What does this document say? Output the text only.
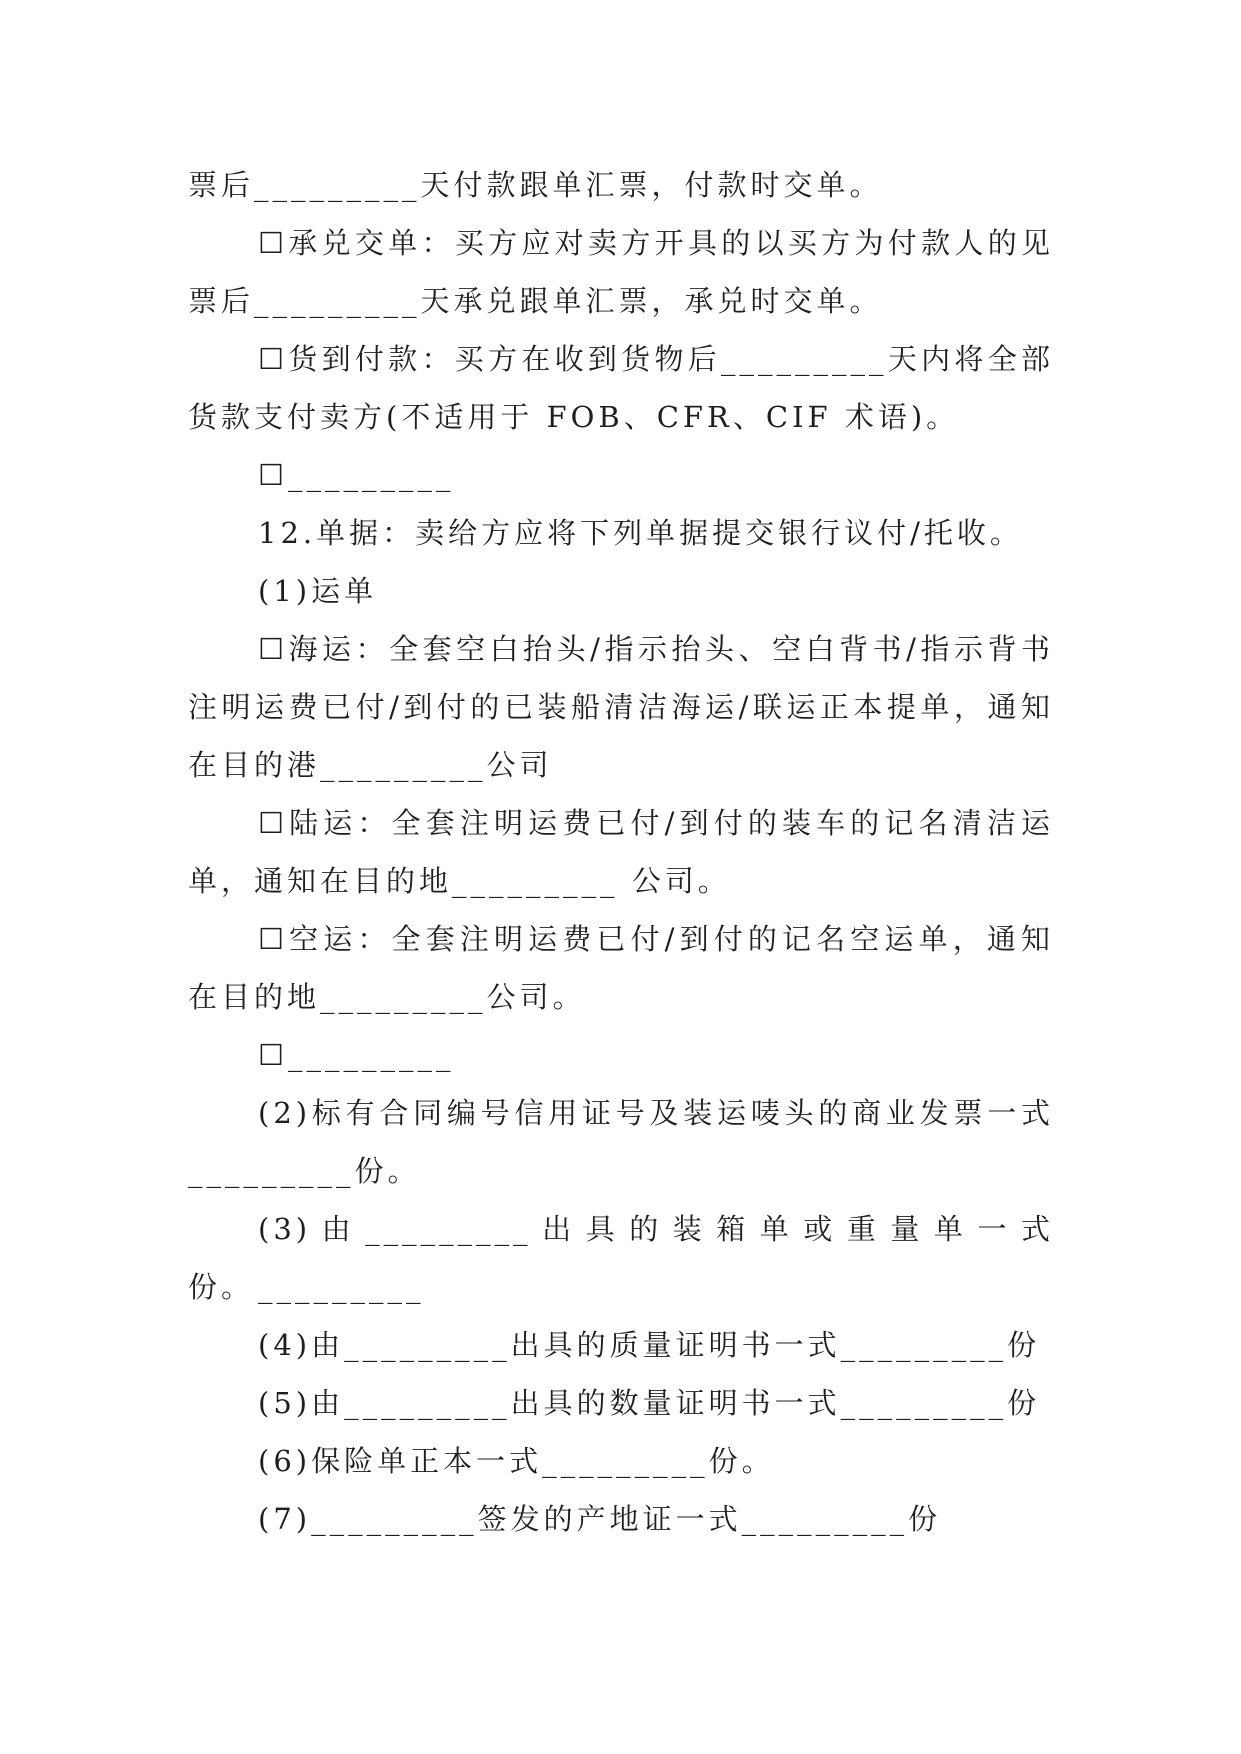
票后_________天付款跟单汇票，付款时交单。
☐承兑交单：买方应对卖方开具的以买方为付款人的见
票后_________天承兑跟单汇票，承兑时交单。
☐货到付款：买方在收到货物后_________天内将全部
货款支付卖方(不适用于 FOB、CFR、CIF 术语)。
☐_________
12.单据：卖给方应将下列单据提交银行议付/托收。
(1)运单
☐海运：全套空白抬头/指示抬头、空白背书/指示背书
注明运费已付/到付的已装船清洁海运/联运正本提单，通知
在目的港_________公司
☐陆运：全套注明运费已付/到付的装车的记名清洁运
单，通知在目的地_________ 公司。
☐空运：全套注明运费已付/到付的记名空运单，通知
在目的地_________公司。
☐_________
(2)标有合同编号信用证号及装运唛头的商业发票一式
_________份。
(3)由_________出具的装箱单或重量单一式_________
份。
(4)由_________出具的质量证明书一式_________份
(5)由_________出具的数量证明书一式_________份
(6)保险单正本一式_________份。
(7)_________签发的产地证一式_________份
